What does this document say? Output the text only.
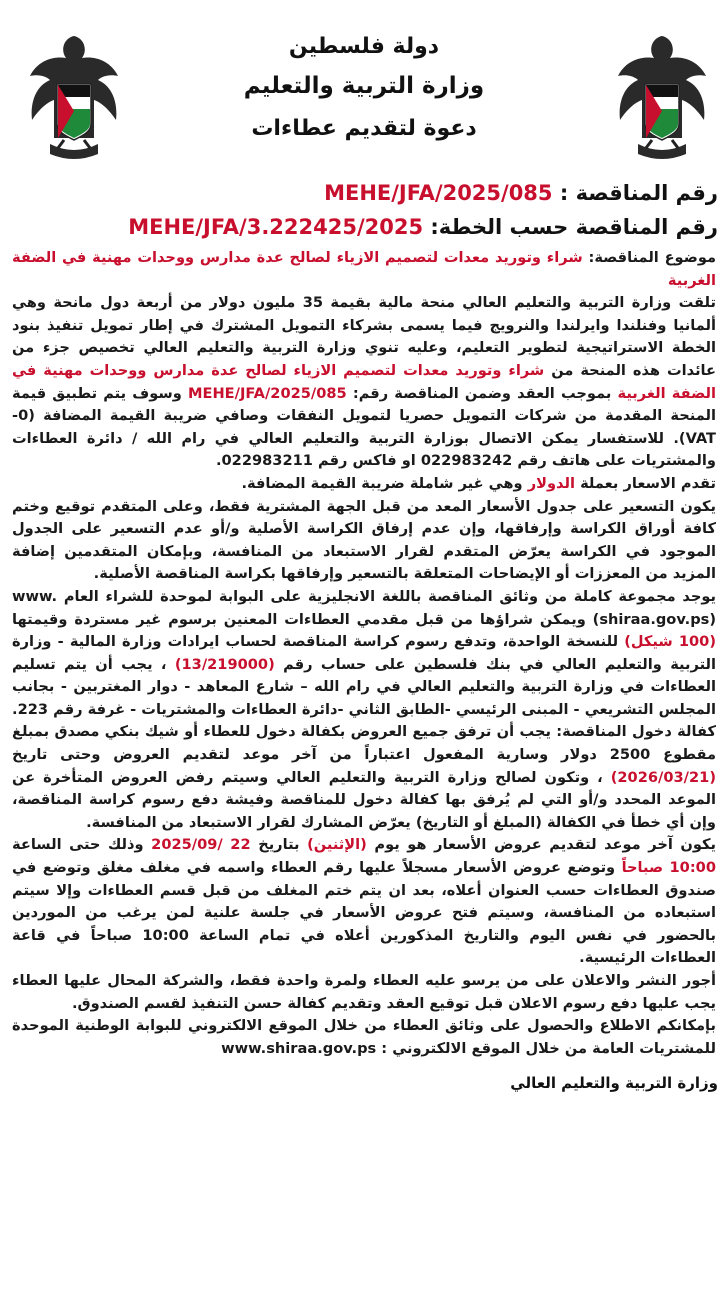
دولة فلسطين
وزارة التربية والتعليم
دعوة لتقديم عطاءات
رقم المناقصة : MEHE/JFA/2025/085
رقم المناقصة حسب الخطة: MEHE/JFA/3.222425/2025

موضوع المناقصة: شراء وتوريد معدات لتصميم الازياء لصالح عدة مدارس ووحدات مهنية في الضفة الغربية

تلقت وزارة التربية والتعليم العالي منحة مالية بقيمة 35 مليون دولار من أربعة دول مانحة وهي ألمانيا وفنلندا وايرلندا والنرويج فيما يسمى بشركاء التمويل المشترك في إطار تمويل تنفيذ بنود الخطة الاستراتيجية لتطوير التعليم، وعليه تنوي وزارة التربية والتعليم العالي تخصيص جزء من عائدات هذه المنحة من شراء وتوريد معدات لتصميم الازياء لصالح عدة مدارس ووحدات مهنية في الضفة الغربية بموجب العقد وضمن المناقصة رقم: MEHE/JFA/2025/085 وسوف يتم تطبيق قيمة المنحة المقدمة من شركات التمويل حصريا لتمويل النفقات وصافي ضريبة القيمة المضافة (0-VAT). للاستفسار يمكن الاتصال بوزارة التربية والتعليم العالي في رام الله / دائرة العطاءات والمشتريات على هاتف رقم 022983242 او فاكس رقم 022983211.

تقدم الاسعار بعملة الدولار وهي غير شاملة ضريبة القيمة المضافة.

يكون التسعير على جدول الأسعار المعد من قبل الجهة المشترية فقط، وعلى المتقدم توقيع وختم كافة أوراق الكراسة وإرفاقها، وإن عدم إرفاق الكراسة الأصلية و/أو عدم التسعير على الجدول الموجود في الكراسة يعرّض المتقدم لقرار الاستبعاد من المنافسة، وبإمكان المتقدمين إضافة المزيد من المعززات أو الإيضاحات المتعلقة بالتسعير وإرفاقها بكراسة المناقصة الأصلية.

يوجد مجموعة كاملة من وثائق المناقصة باللغة الانجليزية على البوابة لموحدة للشراء العام www. (shiraa.gov.ps) ويمكن شراؤها من قبل مقدمي العطاءات المعنين برسوم غير مستردة وقيمتها (100 شيكل) للنسخة الواحدة، وتدفع رسوم كراسة المناقصة لحساب ايرادات وزارة المالية - وزارة التربية والتعليم العالي في بنك فلسطين على حساب رقم (13/219000) ، يجب أن يتم تسليم العطاءات في وزارة التربية والتعليم العالي في رام الله – شارع المعاهد - دوار المغتربين - بجانب المجلس التشريعي - المبنى الرئيسي -الطابق الثاني -دائرة العطاءات والمشتريات - غرفة رقم 223.

كفالة دخول المناقصة: يجب أن ترفق جميع العروض بكفالة دخول للعطاء أو شيك بنكي مصدق بمبلغ مقطوع 2500 دولار وسارية المفعول اعتباراً من آخر موعد لتقديم العروض وحتى تاريخ (2026/03/21) ، وتكون لصالح وزارة التربية والتعليم العالي وسيتم رفض العروض المتأخرة عن الموعد المحدد و/أو التي لم يُرفق بها كفالة دخول للمناقصة وفيشة دفع رسوم كراسة المناقصة، وإن أي خطأ في الكفالة (المبلغ أو التاريخ) يعرّض المشارك لقرار الاستبعاد من المنافسة.

يكون آخر موعد لتقديم عروض الأسعار هو يوم (الإثنين) بتاريخ 2025/09/ 22 وذلك حتى الساعة 10:00 صباحاً وتوضع عروض الأسعار مسجلاً عليها رقم العطاء واسمه في مغلف مغلق وتوضع في صندوق العطاءات حسب العنوان أعلاه، بعد ان يتم ختم المغلف من قبل قسم العطاءات وإلا سيتم استبعاده من المنافسة، وسيتم فتح عروض الأسعار في جلسة علنية لمن يرغب من الموردين بالحضور في نفس اليوم والتاريخ المذكورين أعلاه في تمام الساعة 10:00 صباحاً في قاعة العطاءات الرئيسية.

أجور النشر والاعلان على من يرسو عليه العطاء ولمرة واحدة فقط، والشركة المحال عليها العطاء يجب عليها دفع رسوم الاعلان قبل توقيع العقد وتقديم كفالة حسن التنفيذ لقسم الصندوق.

بإمكانكم الاطلاع والحصول على وثائق العطاء من خلال الموقع الالكتروني للبوابة الوطنية الموحدة للمشتريات العامة من خلال الموقع الالكتروني : www.shiraa.gov.ps

وزارة التربية والتعليم العالي
